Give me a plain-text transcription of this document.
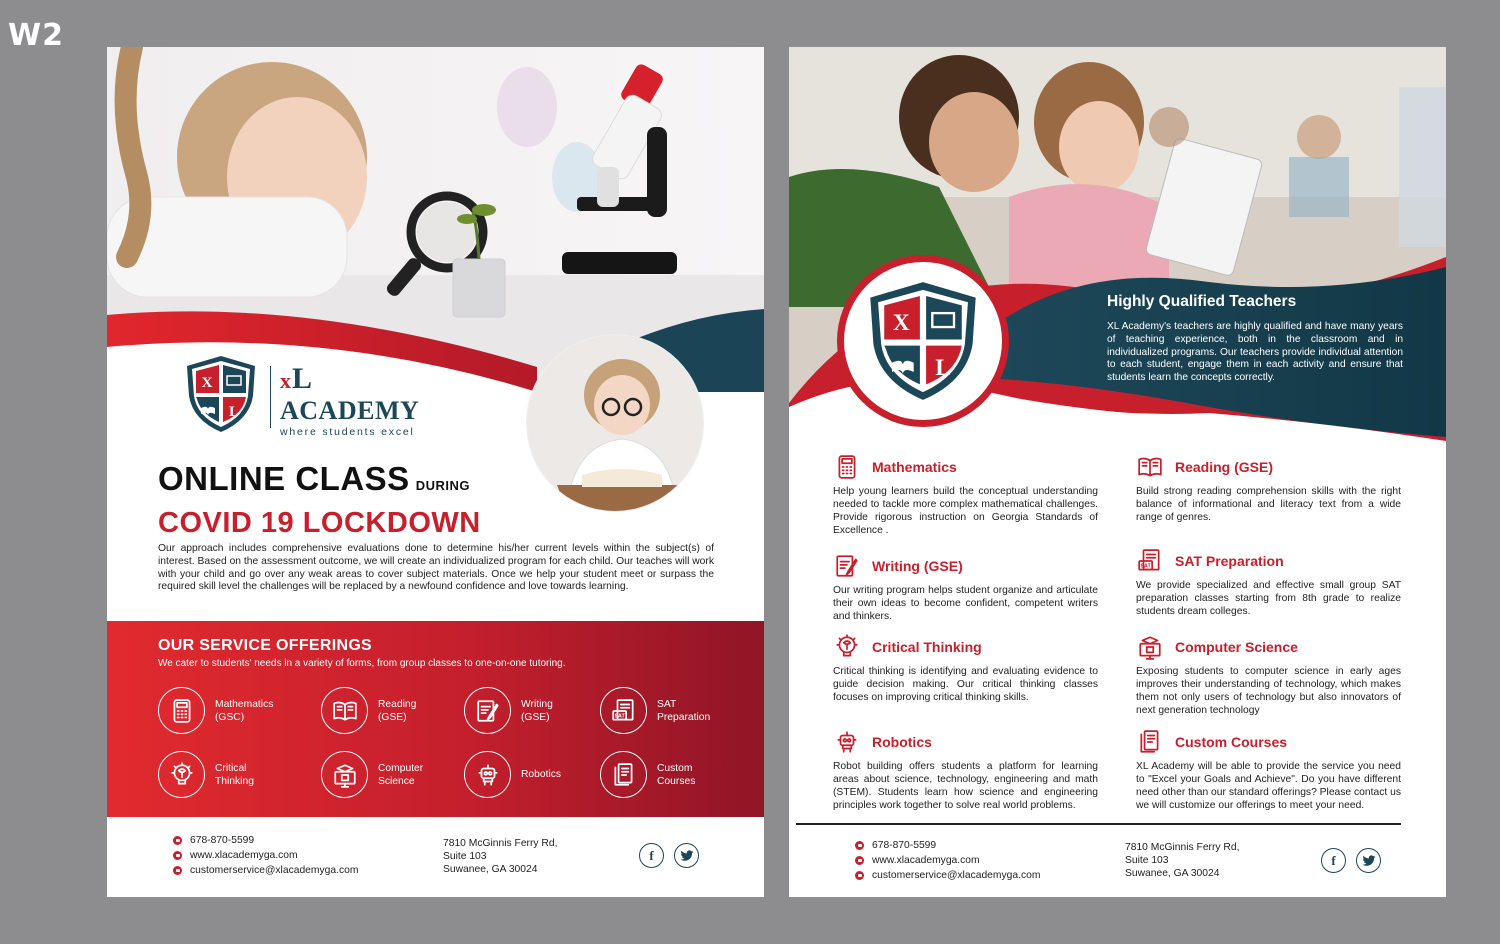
W2
X
L
xL
ACADEMY
where students excel
ONLINE CLASS DURING
COVID 19 LOCKDOWN

Our approach includes comprehensive evaluations done to determine his/her current levels within the subject(s) of interest. Based on the assessment outcome, we will create an individualized program for each child. Our teaches will work with your child and go over any weak areas to cover subject materials. Once we help your student meet or surpass the required skill level the challenges will be replaced by a newfound confidence and love towards learning.

OUR SERVICE OFFERINGS
We cater to students' needs in a variety of forms, from group classes to one-on-one tutoring.
Mathematics
(GSC)
Reading
(GSE)
Writing
(GSE)	SAT
SAT
Preparation
Critical
Thinking
Computer
Science
Robotics
Custom
Courses
678-870-5599
www.xlacademyga.com
customerservice@xlacademyga.com
7810 McGinnis Ferry Rd,
Suite 103
Suwanee, GA 30024
f
X
L
Highly Qualified Teachers

XL Academy's teachers are highly qualified and have many years of teaching experience, both in the classroom and in individualized programs. Our teachers provide individual attention to each student, engage them in each activity and ensure that students learn the concepts correctly.

Mathematics
Help young learners build the conceptual understanding needed to tackle more complex mathematical challenges. Provide rigorous instruction on Georgia Standards of Excellence .
Reading (GSE)
Build strong reading comprehension skills with the right balance of informational and literacy text from a wide range of genres.
Writing (GSE)
Our writing program helps student organize and articulate their own ideas to become confident, competent writers and thinkers.
SAT SAT Preparation
We provide specialized and effective small group SAT preparation classes starting from 8th grade to realize students dream colleges.
Critical Thinking
Critical thinking is identifying and evaluating evidence to guide decision making. Our critical thinking classes focuses on improving critical thinking skills.
Computer Science
Exposing students to computer science in early ages improves their understanding of technology, which makes them not only users of technology but also innovators of next generation technology
Robotics
Robot building offers students a platform for learning areas about science, technology, engineering and math (STEM). Students learn how science and engineering principles work together to solve real world problems.
Custom Courses
XL Academy will be able to provide the service you need to "Excel your Goals and Achieve". Do you have different need other than our standard offerings? Please contact us we will customize our offerings to meet your need.
678-870-5599
www.xlacademyga.com
customerservice@xlacademyga.com
7810 McGinnis Ferry Rd,
Suite 103
Suwanee, GA 30024
f
